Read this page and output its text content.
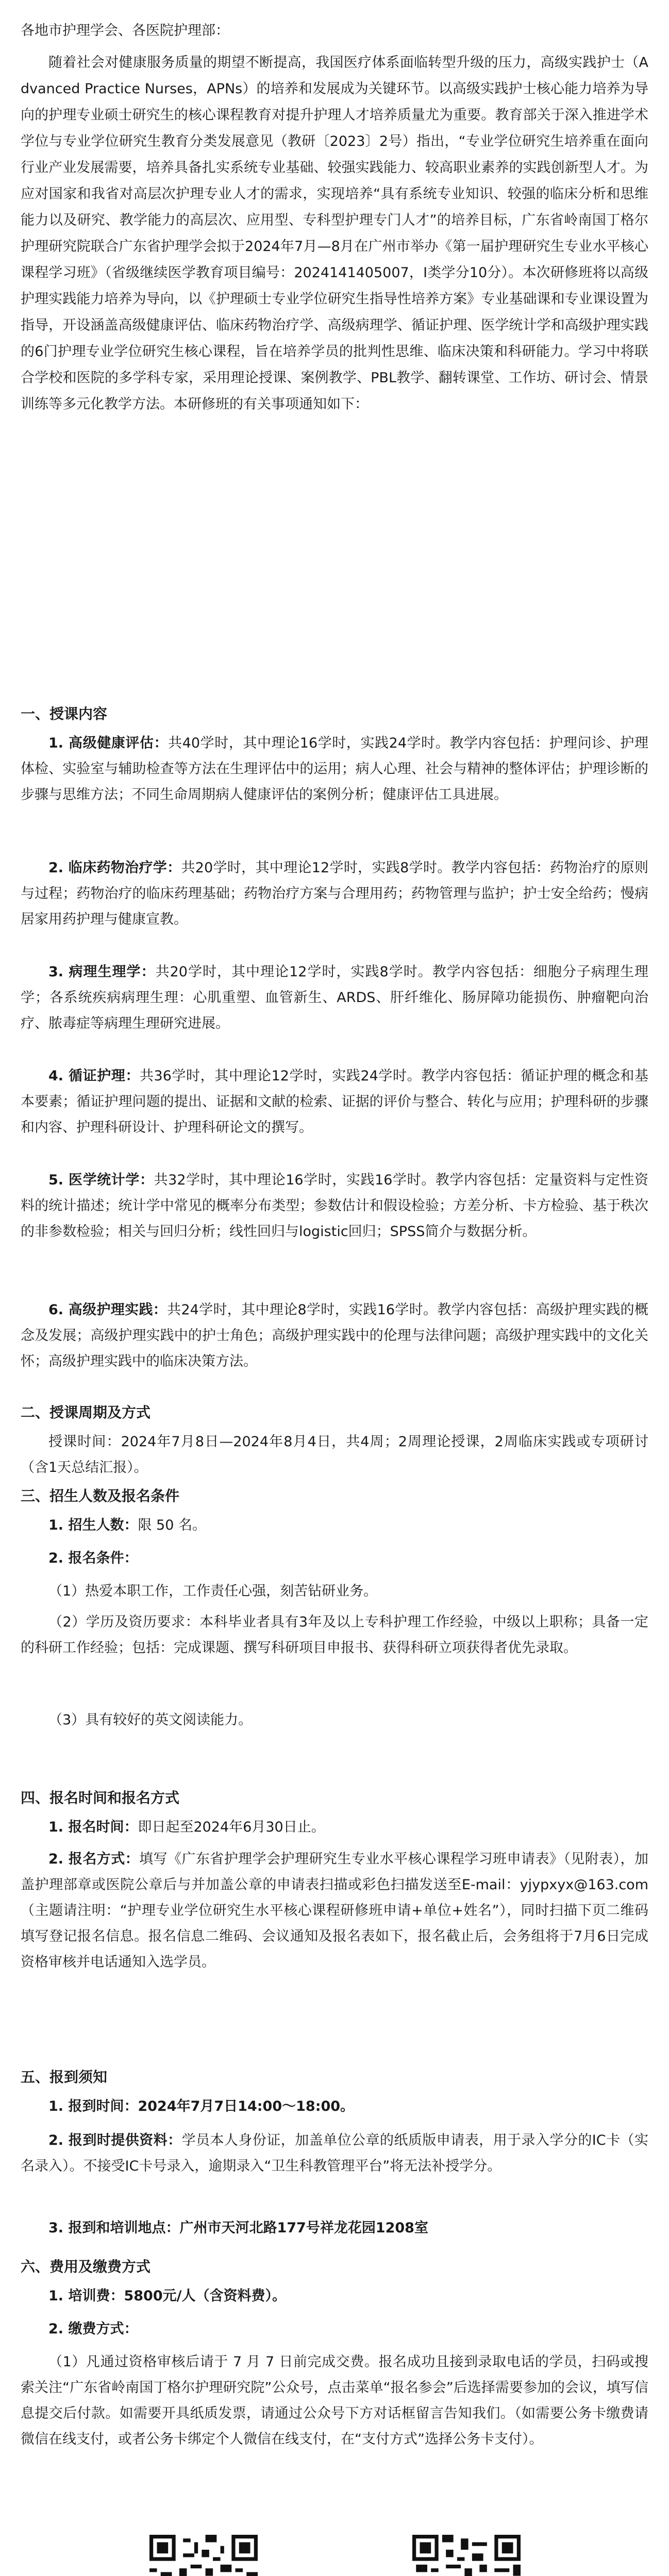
各地市护理学会、各医院护理部：
随着社会对健康服务质量的期望不断提高，我国医疗体系面临转型升级的压力，高级实践护士（Advanced Practice Nurses，APNs）的培养和发展成为关键环节。以高级实践护士核心能力培养为导向的护理专业硕士研究生的核心课程教育对提升护理人才培养质量尤为重要。教育部关于深入推进学术学位与专业学位研究生教育分类发展意见（教研〔2023〕2号）指出，“专业学位研究生培养重在面向行业产业发展需要，培养具备扎实系统专业基础、较强实践能力、较高职业素养的实践创新型人才。为应对国家和我省对高层次护理专业人才的需求，实现培养“具有系统专业知识、较强的临床分析和思维能力以及研究、教学能力的高层次、应用型、专科型护理专门人才”的培养目标，广东省岭南国丁格尔护理研究院联合广东省护理学会拟于2024年7月—8月在广州市举办《第一届护理研究生专业水平核心课程学习班》（省级继续医学教育项目编号：2024141405007，I类学分10分）。本次研修班将以高级护理实践能力培养为导向，以《护理硕士专业学位研究生指导性培养方案》专业基础课和专业课设置为指导，开设涵盖高级健康评估、临床药物治疗学、高级病理学、循证护理、医学统计学和高级护理实践的6门护理专业学位研究生核心课程，旨在培养学员的批判性思维、临床决策和科研能力。学习中将联合学校和医院的多学科专家，采用理论授课、案例教学、PBL教学、翻转课堂、工作坊、研讨会、情景训练等多元化教学方法。本研修班的有关事项通知如下：
一、授课内容
1. 高级健康评估：共40学时，其中理论16学时，实践24学时。教学内容包括：护理问诊、护理体检、实验室与辅助检查等方法在生理评估中的运用；病人心理、社会与精神的整体评估；护理诊断的步骤与思维方法；不同生命周期病人健康评估的案例分析；健康评估工具进展。
2. 临床药物治疗学：共20学时，其中理论12学时，实践8学时。教学内容包括：药物治疗的原则与过程；药物治疗的临床药理基础；药物治疗方案与合理用药；药物管理与监护；护士安全给药；慢病居家用药护理与健康宣教。
3. 病理生理学：共20学时，其中理论12学时，实践8学时。教学内容包括：细胞分子病理生理学；各系统疾病病理生理：心肌重塑、血管新生、ARDS、肝纤维化、肠屏障功能损伤、肿瘤靶向治疗、脓毒症等病理生理研究进展。
4. 循证护理：共36学时，其中理论12学时，实践24学时。教学内容包括：循证护理的概念和基本要素；循证护理问题的提出、证据和文献的检索、证据的评价与整合、转化与应用；护理科研的步骤和内容、护理科研设计、护理科研论文的撰写。
5. 医学统计学：共32学时，其中理论16学时，实践16学时。教学内容包括：定量资料与定性资料的统计描述；统计学中常见的概率分布类型；参数估计和假设检验；方差分析、卡方检验、基于秩次的非参数检验；相关与回归分析；线性回归与logistic回归；SPSS简介与数据分析。
6. 高级护理实践：共24学时，其中理论8学时，实践16学时。教学内容包括：高级护理实践的概念及发展；高级护理实践中的护士角色；高级护理实践中的伦理与法律问题；高级护理实践中的文化关怀；高级护理实践中的临床决策方法。
二、授课周期及方式
授课时间：2024年7月8日—2024年8月4日，共4周；2周理论授课，2周临床实践或专项研讨（含1天总结汇报）。
三、招生人数及报名条件
1. 招生人数：限 50 名。
2. 报名条件：
（1）热爱本职工作，工作责任心强，刻苦钻研业务。
（2）学历及资历要求：本科毕业者具有3年及以上专科护理工作经验，中级以上职称；具备一定的科研工作经验；包括：完成课题、撰写科研项目申报书、获得科研立项获得者优先录取。
（3）具有较好的英文阅读能力。
四、报名时间和报名方式
1. 报名时间：即日起至2024年6月30日止。
2. 报名方式：填写《广东省护理学会护理研究生专业水平核心课程学习班申请表》（见附表），加盖护理部章或医院公章后与并加盖公章的申请表扫描或彩色扫描发送至E-mail：yjypxyx@163.com（主题请注明：“护理专业学位研究生水平核心课程研修班申请+单位+姓名”），同时扫描下页二维码填写登记报名信息。报名信息二维码、会议通知及报名表如下，报名截止后，会务组将于7月6日完成资格审核并电话通知入选学员。
五、报到须知
1. 报到时间：2024年7月7日14:00～18:00。
2. 报到时提供资料：学员本人身份证，加盖单位公章的纸质版申请表，用于录入学分的IC卡（实名录入）。不接受IC卡号录入，逾期录入“卫生科教管理平台”将无法补授学分。
3. 报到和培训地点：广州市天河北路177号祥龙花园1208室
六、费用及缴费方式
1. 培训费：5800元/人（含资料费）。
2. 缴费方式：
（1）凡通过资格审核后请于 7 月 7 日前完成交费。报名成功且接到录取电话的学员，扫码或搜索关注“广东省岭南国丁格尔护理研究院”公众号，点击菜单“报名参会”后选择需要参加的会议，填写信息提交后付款。如需要开具纸质发票，请通过公众号下方对话框留言告知我们。（如需要公务卡缴费请微信在线支付，或者公务卡绑定个人微信在线支付，在“支付方式”选择公务卡支付）。
